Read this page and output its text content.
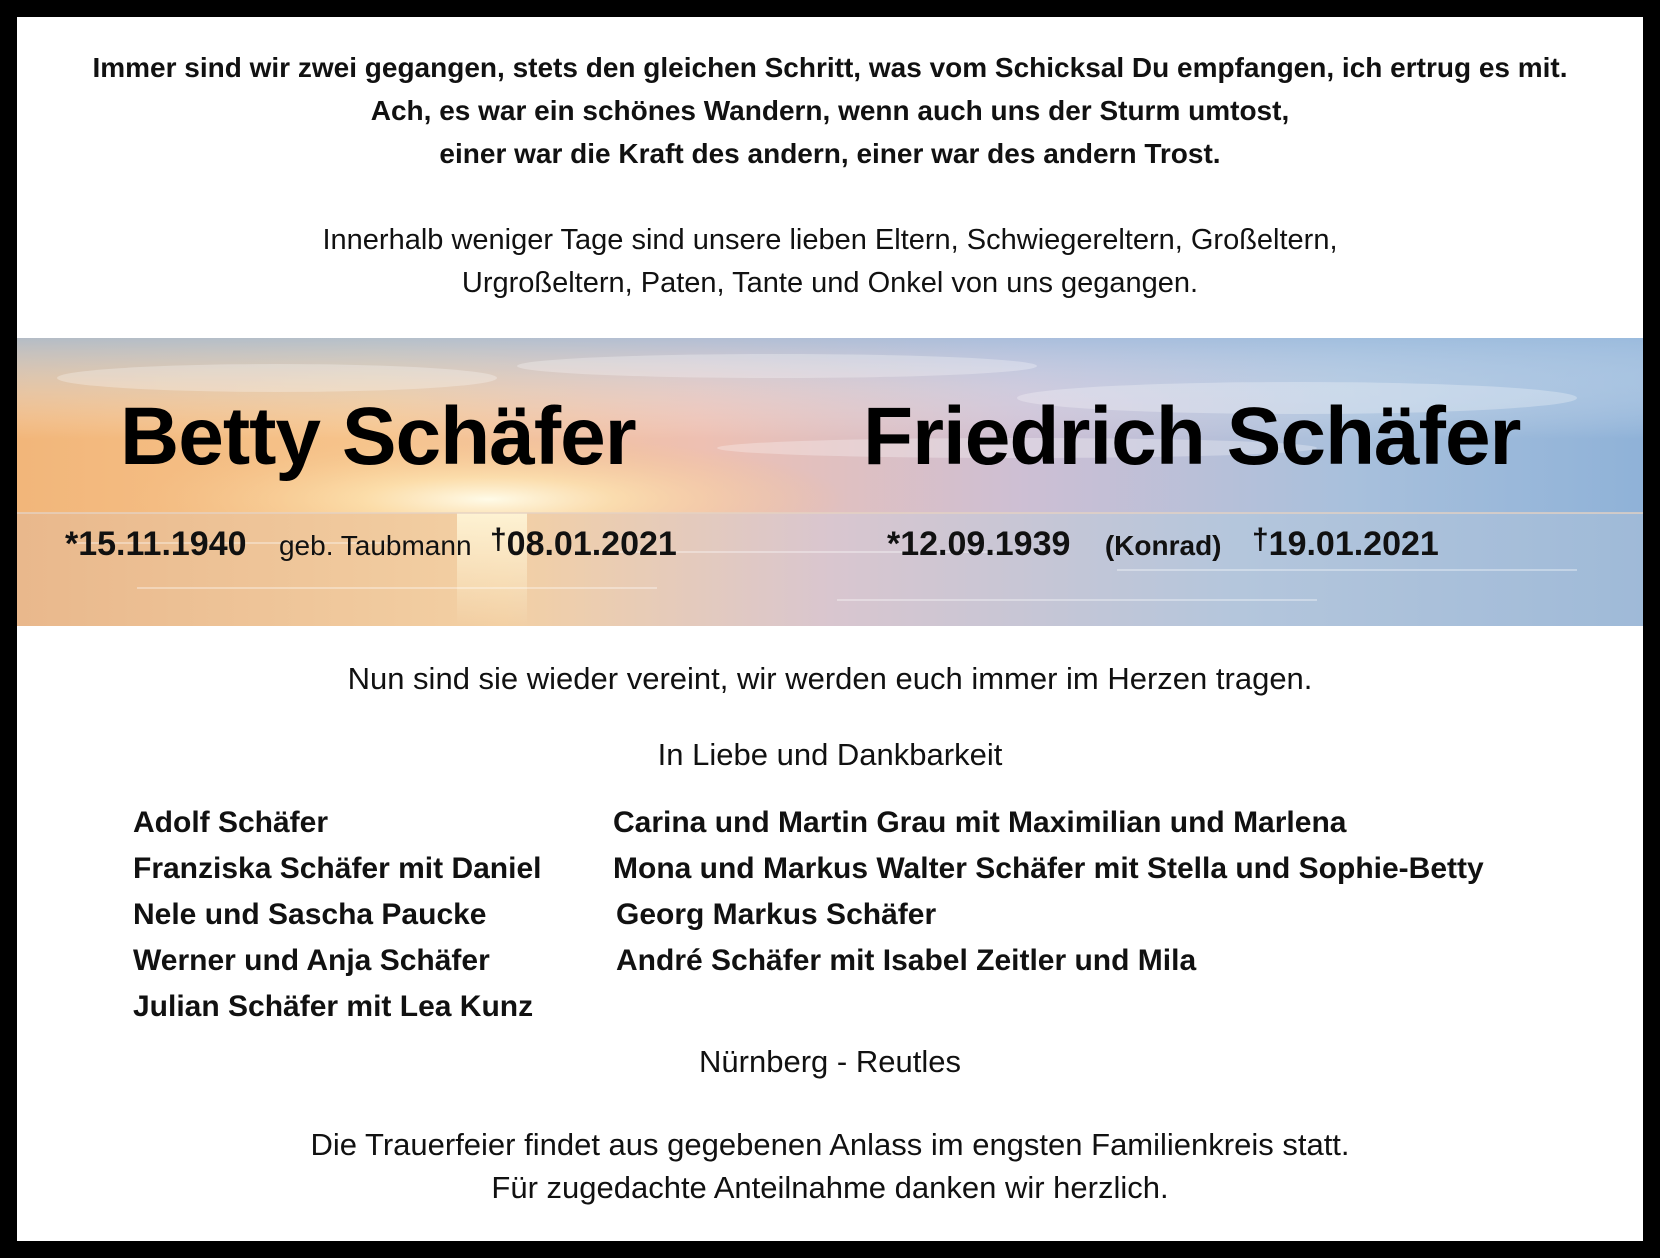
Immer sind wir zwei gegangen, stets den gleichen Schritt, was vom Schicksal Du empfangen, ich ertrug es mit.
Ach, es war ein schönes Wandern, wenn auch uns der Sturm umtost,
einer war die Kraft des andern, einer war des andern Trost.
Innerhalb weniger Tage sind unsere lieben Eltern, Schwiegereltern, Großeltern,
Urgroßeltern, Paten, Tante und Onkel von uns gegangen.
Betty Schäfer	Friedrich Schäfer
*15.11.1940 geb. Taubmann †08.01.2021	*12.09.1939 (Konrad) †19.01.2021
Nun sind sie wieder vereint, wir werden euch immer im Herzen tragen.
In Liebe und Dankbarkeit
Adolf Schäfer
Franziska Schäfer mit Daniel
Nele und Sascha Paucke
Werner und Anja Schäfer
Julian Schäfer mit Lea Kunz
Carina und Martin Grau mit Maximilian und Marlena
Mona und Markus Walter Schäfer mit Stella und Sophie-Betty
Georg Markus Schäfer
André Schäfer mit Isabel Zeitler und Mila
Nürnberg - Reutles
Die Trauerfeier findet aus gegebenen Anlass im engsten Familienkreis statt.
Für zugedachte Anteilnahme danken wir herzlich.
